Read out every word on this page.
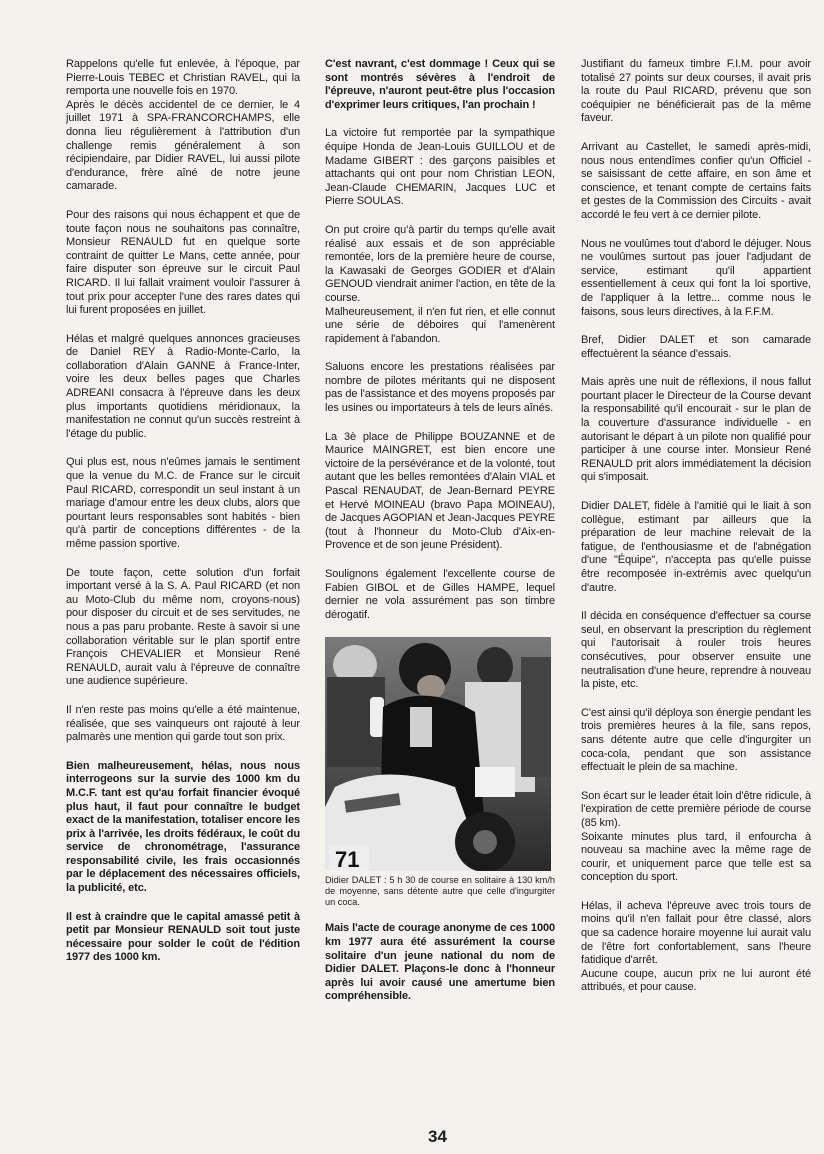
Rappelons qu'elle fut enlevée, à l'époque, par Pierre-Louis TEBEC et Christian RAVEL, qui la remporta une nouvelle fois en 1970.

Après le décès accidentel de ce dernier, le 4 juillet 1971 à SPA-FRANCORCHAMPS, elle donna lieu régulièrement à l'attribution d'un challenge remis généralement à son récipiendaire, par Didier RAVEL, lui aussi pilote d'endurance, frère aîné de notre jeune camarade.

Pour des raisons qui nous échappent et que de toute façon nous ne souhaitons pas connaître, Monsieur RENAULD fut en quelque sorte contraint de quitter Le Mans, cette année, pour faire disputer son épreuve sur le circuit Paul RICARD. Il lui fallait vraiment vouloir l'assurer à tout prix pour accepter l'une des rares dates qui lui furent proposées en juillet.

Hélas et malgré quelques annonces gracieuses de Daniel REY à Radio-Monte-Carlo, la collaboration d'Alain GANNE à France-Inter, voire les deux belles pages que Charles ADREANI consacra à l'épreuve dans les deux plus importants quotidiens méridionaux, la manifestation ne connut qu'un succès restreint à l'étage du public.

Qui plus est, nous n'eûmes jamais le sentiment que la venue du M.C. de France sur le circuit Paul RICARD, correspondit un seul instant à un mariage d'amour entre les deux clubs, alors que pourtant leurs responsables sont habités - bien qu'à partir de conceptions différentes - de la même passion sportive.

De toute façon, cette solution d'un forfait important versé à la S. A. Paul RICARD (et non au Moto-Club du même nom, croyons-nous) pour disposer du circuit et de ses servitudes, ne nous a pas paru probante. Reste à savoir si une collaboration véritable sur le plan sportif entre François CHEVALIER et Monsieur René RENAULD, aurait valu à l'épreuve de connaître une audience supérieure.

Il n'en reste pas moins qu'elle a été maintenue, réalisée, que ses vainqueurs ont rajouté à leur palmarès une mention qui garde tout son prix.

Bien malheureusement, hélas, nous nous interrogeons sur la survie des 1000 km du M.C.F. tant est qu'au forfait financier évoqué plus haut, il faut pour connaître le budget exact de la manifestation, totaliser encore les prix à l'arrivée, les droits fédéraux, le coût du service de chronométrage, l'assurance responsabilité civile, les frais occasionnés par le déplacement des nécessaires officiels, la publicité, etc.

Il est à craindre que le capital amassé petit à petit par Monsieur RENAULD soit tout juste nécessaire pour solder le coût de l'édition 1977 des 1000 km.

C'est navrant, c'est dommage ! Ceux qui se sont montrés sévères à l'endroit de l'épreuve, n'auront peut-être plus l'occasion d'exprimer leurs critiques, l'an prochain !

La victoire fut remportée par la sympathique équipe Honda de Jean-Louis GUILLOU et de Madame GIBERT : des garçons paisibles et attachants qui ont pour nom Christian LEON, Jean-Claude CHEMARIN, Jacques LUC et Pierre SOULAS.

On put croire qu'à partir du temps qu'elle avait réalisé aux essais et de son appréciable remontée, lors de la première heure de course, la Kawasaki de Georges GODIER et d'Alain GENOUD viendrait animer l'action, en tête de la course.

Malheureusement, il n'en fut rien, et elle connut une série de déboires qui l'amenèrent rapidement à l'abandon.

Saluons encore les prestations réalisées par nombre de pilotes méritants qui ne disposent pas de l'assistance et des moyens proposés par les usines ou importateurs à tels de leurs aînés.

La 3è place de Philippe BOUZANNE et de Maurice MAINGRET, est bien encore une victoire de la persévérance et de la volonté, tout autant que les belles remontées d'Alain VIAL et Pascal RENAUDAT, de Jean-Bernard PEYRE et Hervé MOINEAU (bravo Papa MOINEAU), de Jacques AGOPIAN et Jean-Jacques PEYRE (tout à l'honneur du Moto-Club d'Aix-en-Provence et de son jeune Président).

Soulignons également l'excellente course de Fabien GIBOL et de Gilles HAMPE, lequel dernier ne vola assurément pas son timbre dérogatif.

71
Didier DALET : 5 h 30 de course en solitaire à 130 km/h de moyenne, sans détente autre que celle d'ingurgiter un coca.

Mais l'acte de courage anonyme de ces 1000 km 1977 aura été assurément la course solitaire d'un jeune national du nom de Didier DALET. Plaçons-le donc à l'honneur après lui avoir causé une amertume bien compréhensible.

Justifiant du fameux timbre F.I.M. pour avoir totalisé 27 points sur deux courses, il avait pris la route du Paul RICARD, prévenu que son coéquipier ne bénéficierait pas de la même faveur.

Arrivant au Castellet, le samedi après-midi, nous nous entendîmes confier qu'un Officiel - se saisissant de cette affaire, en son âme et conscience, et tenant compte de certains faits et gestes de la Commission des Circuits - avait accordé le feu vert à ce dernier pilote.

Nous ne voulûmes tout d'abord le déjuger. Nous ne voulûmes surtout pas jouer l'adjudant de service, estimant qu'il appartient essentiellement à ceux qui font la loi sportive, de l'appliquer à la lettre... comme nous le faisons, sous leurs directives, à la F.F.M.

Bref, Didier DALET et son camarade effectuèrent la séance d'essais.

Mais après une nuit de réflexions, il nous fallut pourtant placer le Directeur de la Course devant la responsabilité qu'il encourait - sur le plan de la couverture d'assurance individuelle - en autorisant le départ à un pilote non qualifié pour participer à une course inter. Monsieur René RENAULD prit alors immédiatement la décision qui s'imposait.

Didier DALET, fidèle à l'amitié qui le liait à son collègue, estimant par ailleurs que la préparation de leur machine relevait de la fatigue, de l'enthousiasme et de l'abnégation d'une "Équipe", n'accepta pas qu'elle puisse être recomposée in-extrémis avec quelqu'un d'autre.

Il décida en conséquence d'effectuer sa course seul, en observant la prescription du règlement qui l'autorisait à rouler trois heures consécutives, pour observer ensuite une neutralisation d'une heure, reprendre à nouveau la piste, etc.

C'est ainsi qu'il déploya son énergie pendant les trois premières heures à la file, sans repos, sans détente autre que celle d'ingurgiter un coca-cola, pendant que son assistance effectuait le plein de sa machine.

Son écart sur le leader était loin d'être ridicule, à l'expiration de cette première période de course (85 km).

Soixante minutes plus tard, il enfourcha à nouveau sa machine avec la même rage de courir, et uniquement parce que telle est sa conception du sport.

Hélas, il acheva l'épreuve avec trois tours de moins qu'il n'en fallait pour être classé, alors que sa cadence horaire moyenne lui aurait valu de l'être fort confortablement, sans l'heure fatidique d'arrêt.

Aucune coupe, aucun prix ne lui auront été attribués, et pour cause.

34
